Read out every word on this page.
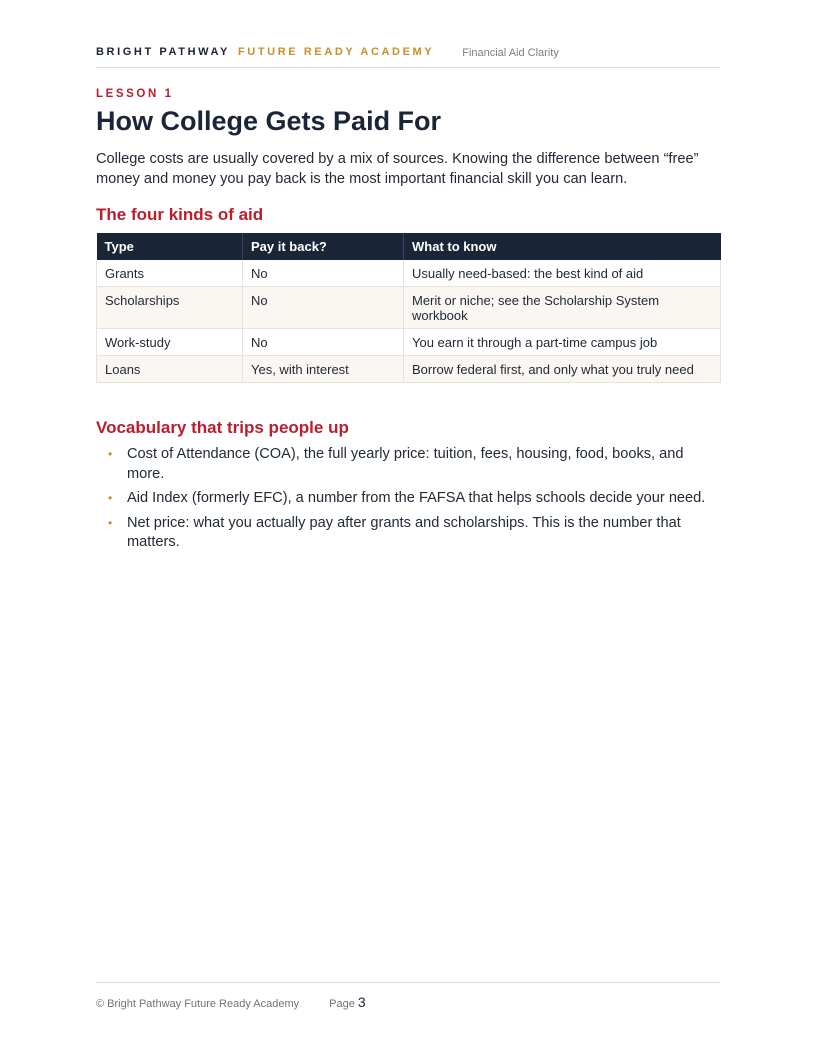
BRIGHT PATHWAY FUTURE READY ACADEMY	Financial Aid Clarity
LESSON 1
How College Gets Paid For

College costs are usually covered by a mix of sources. Knowing the difference between “free” money and money you pay back is the most important financial skill you can learn.

The four kinds of aid
Type	Pay it back?	What to know
Grants	No	Usually need-based: the best kind of aid
Scholarships	No	Merit or niche; see the Scholarship System workbook
Work-study	No	You earn it through a part-time campus job
Loans	Yes, with interest	Borrow federal first, and only what you truly need
Vocabulary that trips people up
• Cost of Attendance (COA), the full yearly price: tuition, fees, housing, food, books, and more.
• Aid Index (formerly EFC), a number from the FAFSA that helps schools decide your need.
• Net price: what you actually pay after grants and scholarships. This is the number that matters.
© Bright Pathway Future Ready Academy	Page 3
